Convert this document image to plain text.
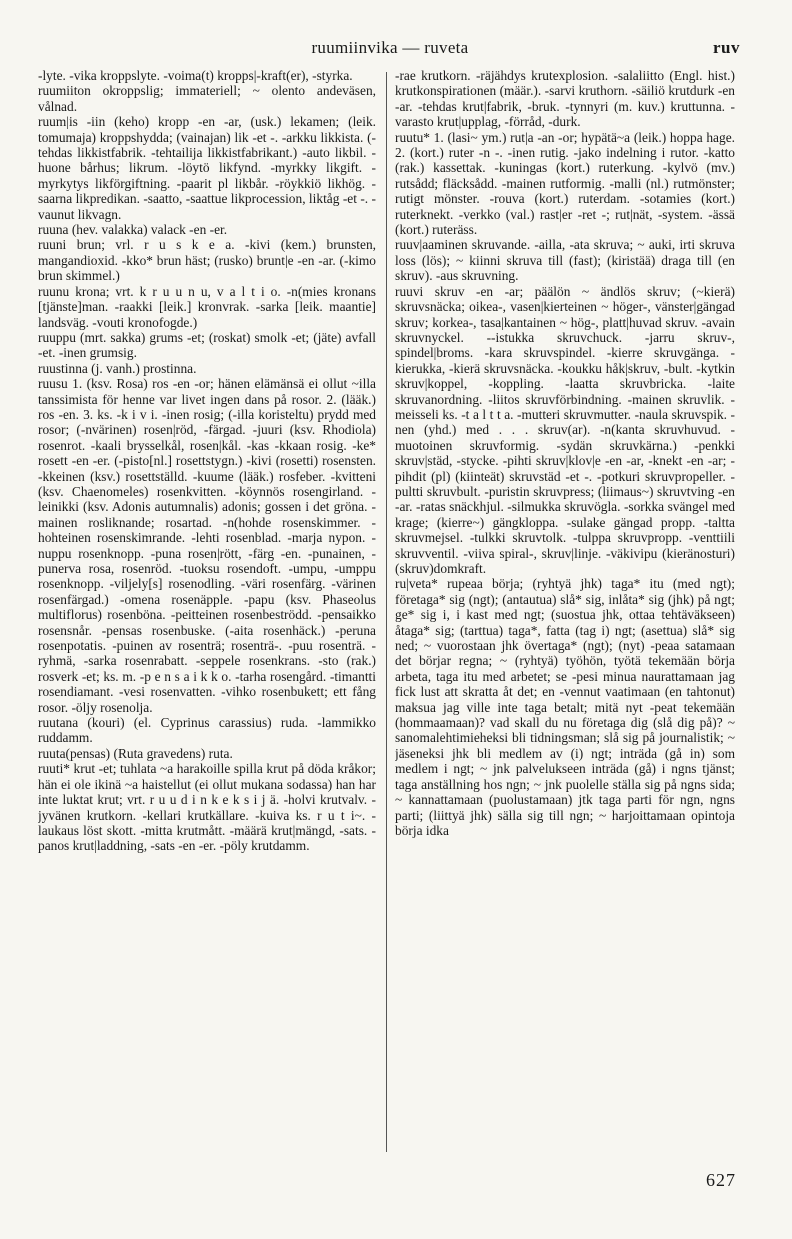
ruumiinvika — ruveta	ruv

-lyte. -vika kroppslyte. -voima(t) kropps|-kraft(er), -styrka.

ruumiiton okroppslig; immateriell; ~ olento andeväsen, vålnad.

ruum|is -iin (keho) kropp -en -ar, (usk.) lekamen; (leik. tomumaja) kroppshydda; (vainajan) lik -et -. -arkku likkista. (-tehdas likkistfabrik. -tehtailija likkistfabrikant.) -auto likbil. -huone bårhus; likrum. -löytö likfynd. -myrkky likgift. -myrkytys likförgiftning. -paarit pl likbår. -röykkiö likhög. -saarna likpredikan. -saatto, -saattue likprocession, liktåg -et -. -vaunut likvagn.

ruuna (hev. valakka) valack -en -er.

ruuni brun; vrl. r u s k e a. -kivi (kem.) brunsten, mangandioxid. -kko* brun häst; (rusko) brunt|e -en -ar. (-kimo brun skimmel.)

ruunu krona; vrt. k r u u n u, v a l t i o. -n(mies kronans [tjänste]man. -raakki [leik.] kronvrak. -sarka [leik. maantie] landsväg. -vouti kronofogde.)

ruuppu (mrt. sakka) grums -et; (roskat) smolk -et; (jäte) avfall -et. -inen grumsig.

ruustinna (j. vanh.) prostinna.

ruusu 1. (ksv. Rosa) ros -en -or; hänen elämänsä ei ollut ~illa tanssimista för henne var livet ingen dans på rosor. 2. (lääk.) ros -en. 3. ks. -k i v i. -inen rosig; (-illa koristeltu) prydd med rosor; (-nvärinen) rosen|röd, -färgad. -juuri (ksv. Rhodiola) rosenrot. -kaali brysselkål, rosen|kål. -kas -kkaan rosig. -ke* rosett -en -er. (-pisto[nl.] rosettstygn.) -kivi (rosetti) rosensten. -kkeinen (ksv.) rosettställd. -kuume (lääk.) rosfeber. -kvitteni (ksv. Chaenomeles) rosenkvitten. -köynnös rosengirland. -leinikki (ksv. Adonis autumnalis) adonis; gossen i det gröna. -mainen rosliknande; rosartad. -n(hohde rosenskimmer. -hohteinen rosenskimrande. -lehti rosenblad. -marja nypon. -nuppu rosenknopp. -puna rosen|rött, -färg -en. -punainen, -punerva rosa, rosenröd. -tuoksu rosendoft. -umpu, -umppu rosenknopp. -viljely[s] rosenodling. -väri rosenfärg. -värinen rosenfärgad.) -omena rosenäpple. -papu (ksv. Phaseolus multiflorus) rosenböna. -peitteinen rosenbeströdd. -pensaikko rosensnår. -pensas rosenbuske. (-aita rosenhäck.) -peruna rosenpotatis. -puinen av rosenträ; rosenträ-. -puu rosenträ. -ryhmä, -sarka rosenrabatt. -seppele rosenkrans. -sto (rak.) rosverk -et; ks. m. -p e n s a i k k o. -tarha rosengård. -timantti rosendiamant. -vesi rosenvatten. -vihko rosenbukett; ett fång rosor. -öljy rosenolja.

ruutana (kouri) (el. Cyprinus carassius) ruda. -lammikko ruddamm.

ruuta(pensas) (Ruta gravedens) ruta.

ruuti* krut -et; tuhlata ~a harakoille spilla krut på döda kråkor; hän ei ole ikinä ~a haistellut (ei ollut mukana sodassa) han har inte luktat krut; vrt. r u u d i n k e k s i j ä. -holvi krutvalv. -jyvänen krutkorn. -kellari krutkällare. -kuiva ks. r u t i~. -laukaus löst skott. -mitta krutmått. -määrä krut|mängd, -sats. -panos krut|laddning, -sats -en -er. -pöly krutdamm.

-rae krutkorn. -räjähdys krutexplosion. -salaliitto (Engl. hist.) krutkonspirationen (määr.). -sarvi kruthorn. -säiliö krutdurk -en -ar. -tehdas krut|fabrik, -bruk. -tynnyri (m. kuv.) kruttunna. -varasto krut|upplag, -förråd, -durk.

ruutu* 1. (lasi~ ym.) rut|a -an -or; hypätä~a (leik.) hoppa hage. 2. (kort.) ruter -n -. -inen rutig. -jako indelning i rutor. -katto (rak.) kassettak. -kuningas (kort.) ruterkung. -kylvö (mv.) rutsådd; fläcksådd. -mainen rutformig. -malli (nl.) rutmönster; rutigt mönster. -rouva (kort.) ruterdam. -sotamies (kort.) ruterknekt. -verkko (val.) rast|er -ret -; rut|nät, -system. -ässä (kort.) ruteräss.

ruuv|aaminen skruvande. -ailla, -ata skruva; ~ auki, irti skruva loss (lös); ~ kiinni skruva till (fast); (kiristää) draga till (en skruv). -aus skruvning.

ruuvi skruv -en -ar; päälön ~ ändlös skruv; (~kierä) skruvsnäcka; oikea-, vasen|kierteinen ~ höger-, vänster|gängad skruv; korkea-, tasa|kantainen ~ hög-, platt|huvad skruv. -avain skruvnyckel. --istukka skruvchuck. -jarru skruv-, spindel|broms. -kara skruvspindel. -kierre skruvgänga. -kierukka, -kierä skruvsnäcka. -koukku håk|skruv, -bult. -kytkin skruv|koppel, -koppling. -laatta skruvbricka. -laite skruvanordning. -liitos skruvförbindning. -mainen skruvlik. -meisseli ks. -t a l t t a. -mutteri skruvmutter. -naula skruvspik. -nen (yhd.) med . . . skruv(ar). -n(kanta skruvhuvud. -muotoinen skruvformig. -sydän skruvkärna.) -penkki skruv|städ, -stycke. -pihti skruv|klov|e -en -ar, -knekt -en -ar; -pihdit (pl) (kiinteät) skruvstäd -et -. -potkuri skruvpropeller. -pultti skruvbult. -puristin skruvpress; (liimaus~) skruvtving -en -ar. -ratas snäckhjul. -silmukka skruvögla. -sorkka svängel med krage; (kierre~) gängkloppa. -sulake gängad propp. -taltta skruvmejsel. -tulkki skruvtolk. -tulppa skruvpropp. -venttiili skruvventil. -viiva spiral-, skruv|linje. -väkivipu (kieränosturi) (skruv)domkraft.

ru|veta* rupeaa börja; (ryhtyä jhk) taga* itu (med ngt); företaga* sig (ngt); (antautua) slå* sig, inlåta* sig (jhk) på ngt; ge* sig i, i kast med ngt; (suostua jhk, ottaa tehtäväkseen) åtaga* sig; (tarttua) taga*, fatta (tag i) ngt; (asettua) slå* sig ned; ~ vuorostaan jhk övertaga* (ngt); (nyt) -peaa satamaan det börjar regna; ~ (ryhtyä) työhön, työtä tekemään börja arbeta, taga itu med arbetet; se -pesi minua naurattamaan jag fick lust att skratta åt det; en -vennut vaatimaan (en tahtonut) maksua jag ville inte taga betalt; mitä nyt -peat tekemään (hommaamaan)? vad skall du nu företaga dig (slå dig på)? ~ sanomalehtimieheksi bli tidningsman; slå sig på journalistik; ~ jäseneksi jhk bli medlem av (i) ngt; inträda (gå in) som medlem i ngt; ~ jnk palvelukseen inträda (gå) i ngns tjänst; taga anställning hos ngn; ~ jnk puolelle ställa sig på ngns sida; ~ kannattamaan (puolustamaan) jtk taga parti för ngn, ngns parti; (liittyä jhk) sälla sig till ngn; ~ harjoittamaan opintoja börja idka

627
